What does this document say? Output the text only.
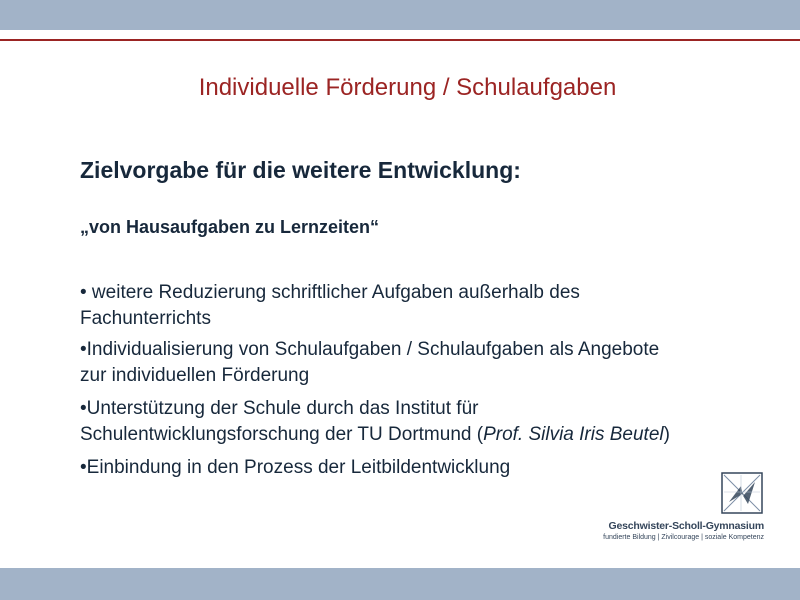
Individuelle Förderung / Schulaufgaben
Zielvorgabe für die weitere Entwicklung:
„von Hausaufgaben zu Lernzeiten“
• weitere Reduzierung schriftlicher Aufgaben außerhalb des Fachunterrichts
•Individualisierung von Schulaufgaben / Schulaufgaben als Angebote zur individuellen Förderung
•Unterstützung der Schule durch das Institut für Schulentwicklungsforschung der TU Dortmund (Prof. Silvia Iris Beutel)
•Einbindung in den Prozess der Leitbildentwicklung
Geschwister-Scholl-Gymnasium
fundierte Bildung | Zivilcourage | soziale Kompetenz
